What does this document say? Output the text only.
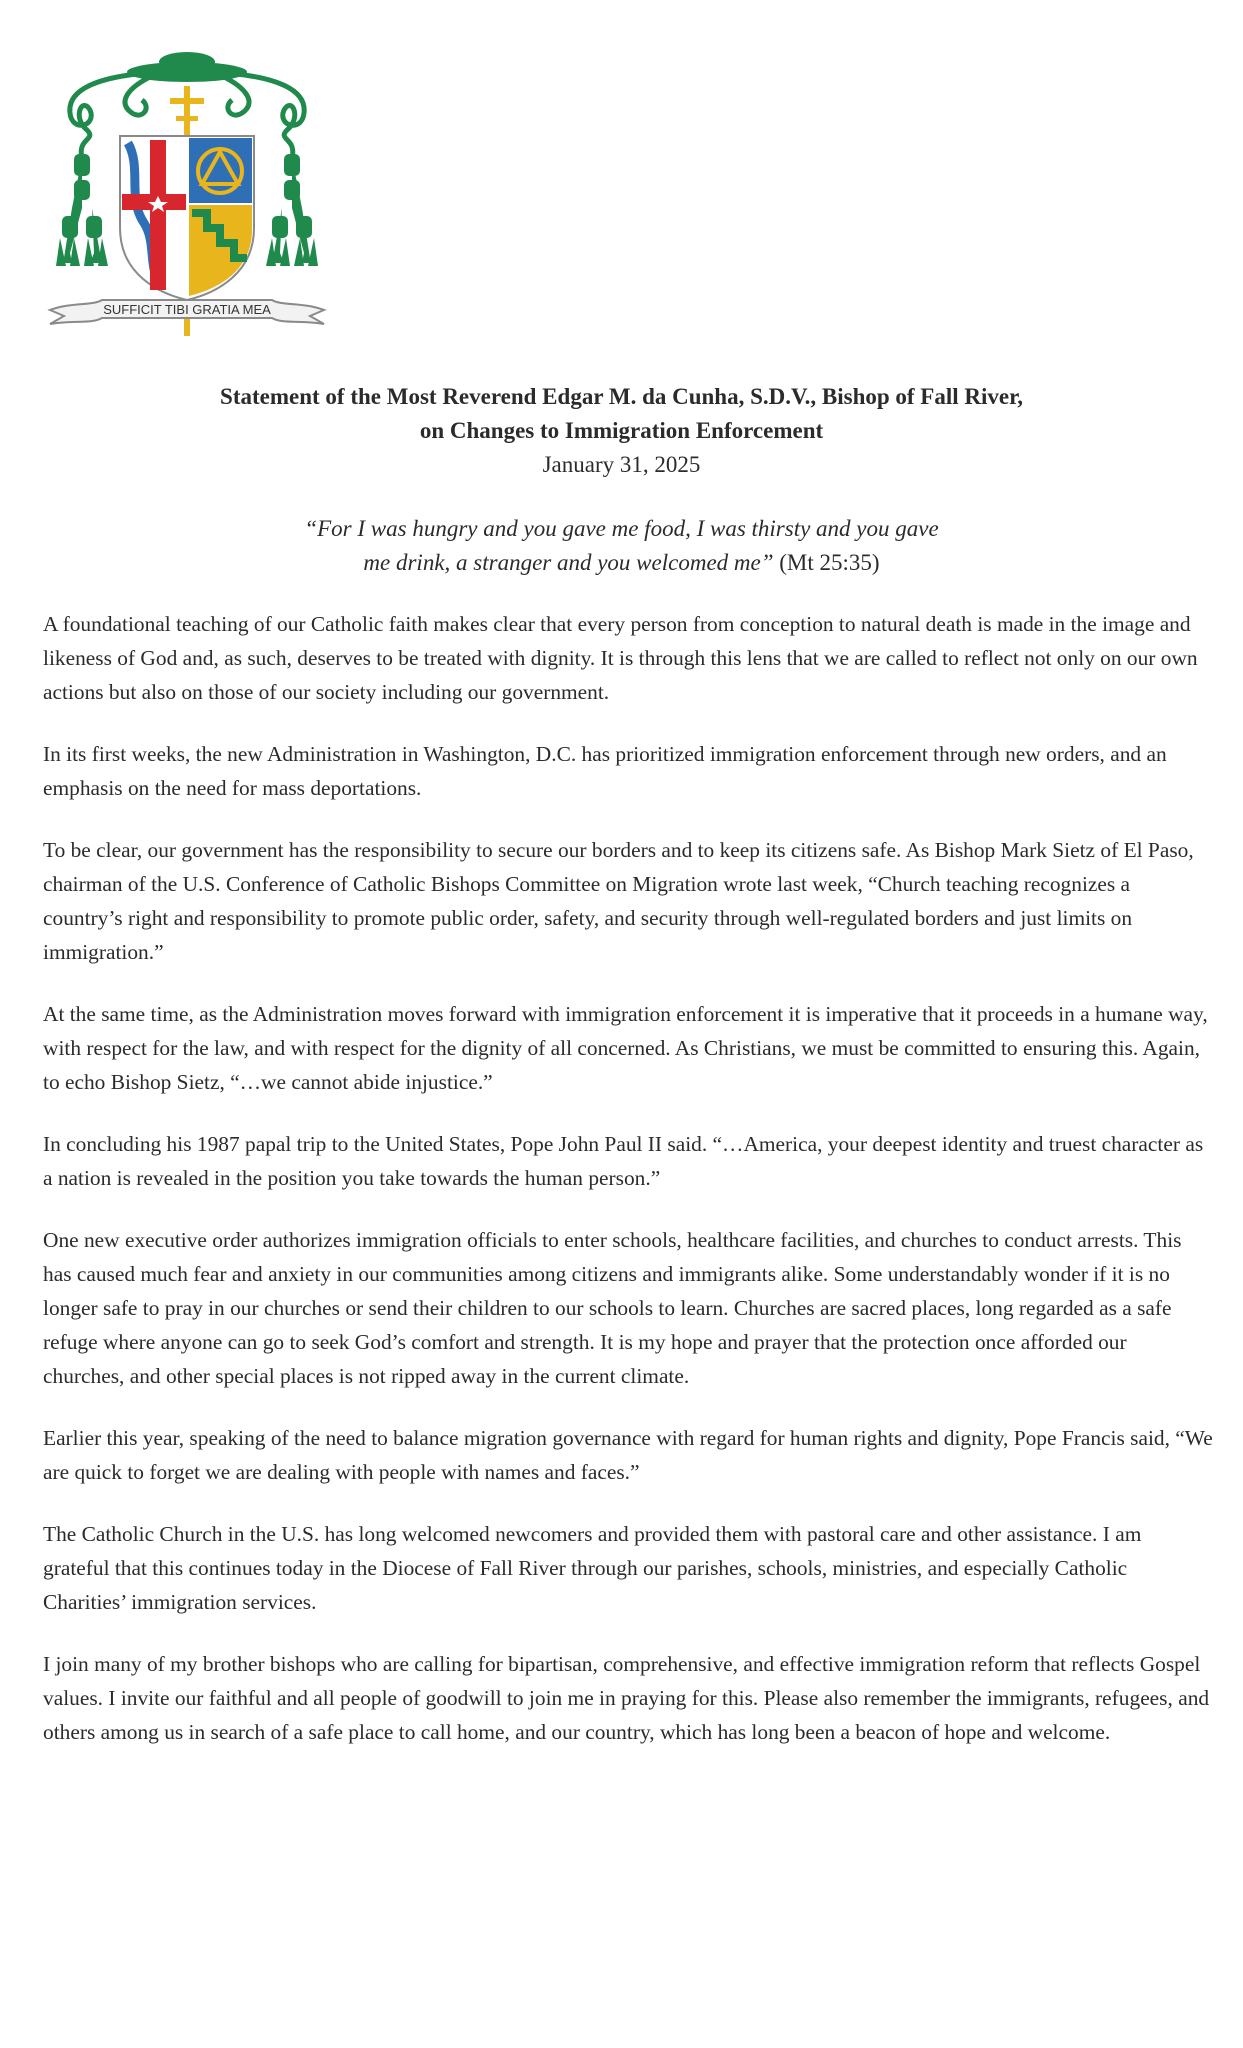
SUFFICIT TIBI GRATIA MEA
Statement of the Most Reverend Edgar M. da Cunha, S.D.V., Bishop of Fall River,
on Changes to Immigration Enforcement
January 31, 2025
“For I was hungry and you gave me food, I was thirsty and you gave
me drink, a stranger and you welcomed me” (Mt 25:35)

A foundational teaching of our Catholic faith makes clear that every person from conception to natural death is made in the image and likeness of God and, as such, deserves to be treated with dignity. It is through this lens that we are called to reflect not only on our own actions but also on those of our society including our government.

In its first weeks, the new Administration in Washington, D.C. has prioritized immigration enforcement through new orders, and an emphasis on the need for mass deportations.

To be clear, our government has the responsibility to secure our borders and to keep its citizens safe. As Bishop Mark Sietz of El Paso, chairman of the U.S. Conference of Catholic Bishops Committee on Migration wrote last week, “Church teaching recognizes a country’s right and responsibility to promote public order, safety, and security through well-regulated borders and just limits on immigration.”

At the same time, as the Administration moves forward with immigration enforcement it is imperative that it proceeds in a humane way, with respect for the law, and with respect for the dignity of all concerned. As Christians, we must be committed to ensuring this. Again, to echo Bishop Sietz, “…we cannot abide injustice.”

In concluding his 1987 papal trip to the United States, Pope John Paul II said. “…America, your deepest identity and truest character as a nation is revealed in the position you take towards the human person.”

One new executive order authorizes immigration officials to enter schools, healthcare facilities, and churches to conduct arrests. This has caused much fear and anxiety in our communities among citizens and immigrants alike. Some understandably wonder if it is no longer safe to pray in our churches or send their children to our schools to learn. Churches are sacred places, long regarded as a safe refuge where anyone can go to seek God’s comfort and strength. It is my hope and prayer that the protection once afforded our churches, and other special places is not ripped away in the current climate.

Earlier this year, speaking of the need to balance migration governance with regard for human rights and dignity, Pope Francis said, “We are quick to forget we are dealing with people with names and faces.”

The Catholic Church in the U.S. has long welcomed newcomers and provided them with pastoral care and other assistance. I am grateful that this continues today in the Diocese of Fall River through our parishes, schools, ministries, and especially Catholic Charities’ immigration services.

I join many of my brother bishops who are calling for bipartisan, comprehensive, and effective immigration reform that reflects Gospel values. I invite our faithful and all people of goodwill to join me in praying for this. Please also remember the immigrants, refugees, and others among us in search of a safe place to call home, and our country, which has long been a beacon of hope and welcome.
